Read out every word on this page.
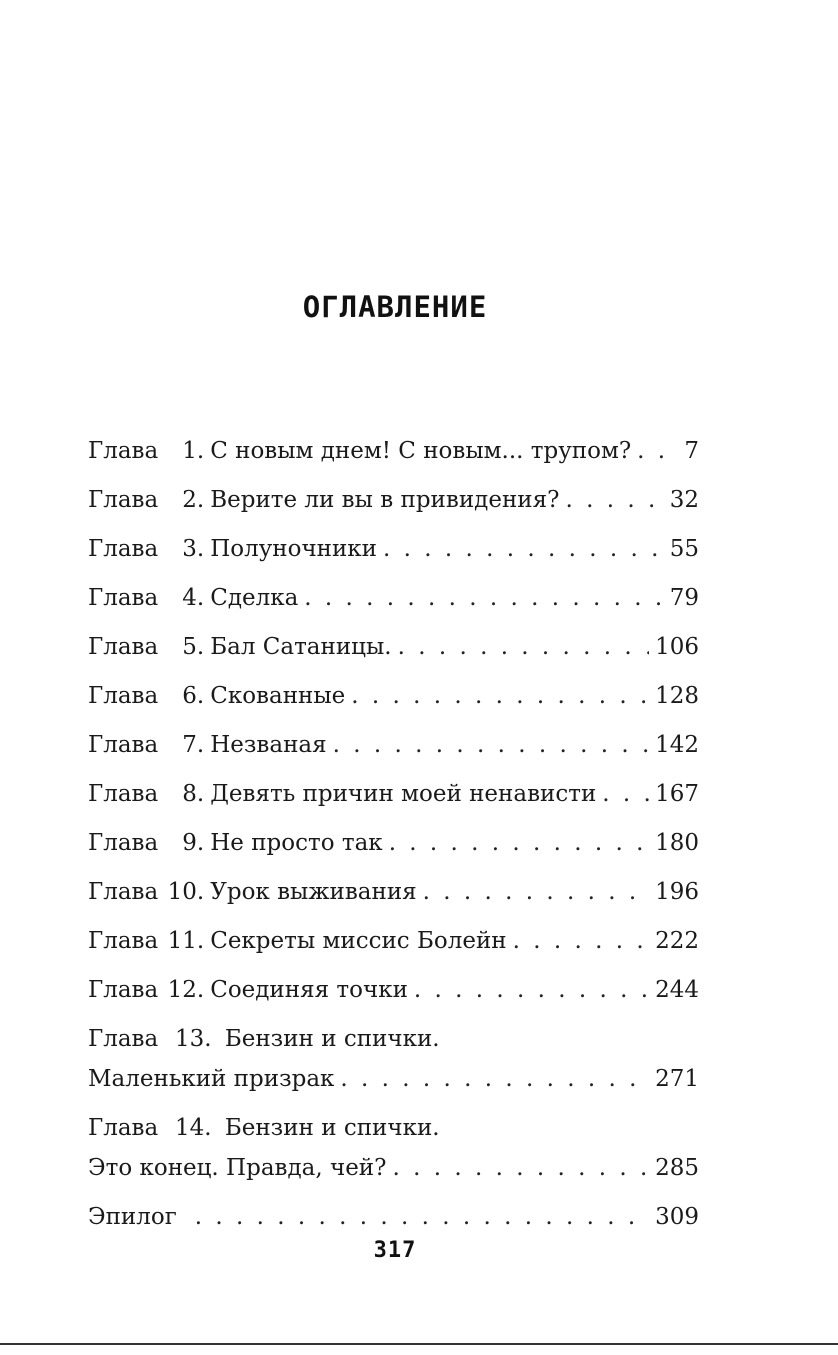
ОГЛАВЛЕНИЕ
Глава	1. С новым днем! С новым... трупом? . . . 7
Глава	2. Верите ли вы в привидения? . . .	32
Глава	3. Полуночники . . .	55
Глава	4. Сделка . . .	79
Глава	5. Бал Сатаницы. . . .	106
Глава	6. Скованные . . .	128
Глава	7. Незваная . . .	142
Глава	8. Девять причин моей ненависти . . .	167
Глава	9. Не просто так . . .	180
Глава 10. Урок выживания . . .	196
Глава 11. Секреты миссис Болейн . . .	222
Глава 12. Соединяя точки . . .	244
Глава 13. Бензин и спички.
Маленький призрак . . .	271
Глава 14. Бензин и спички.
Это конец. Правда, чей? . . .	285
Эпилог . . .	309
317
